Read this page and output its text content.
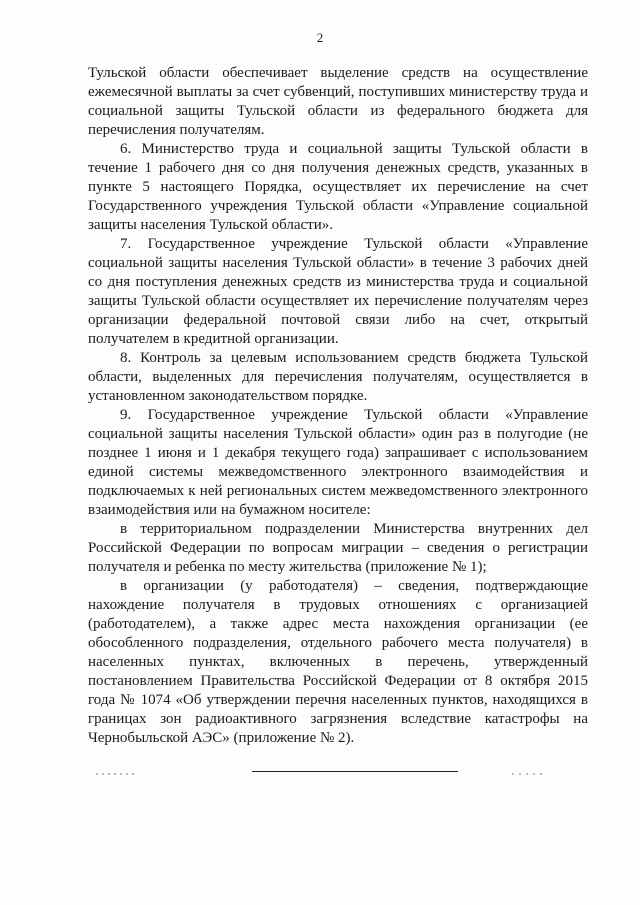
2

Тульской области обеспечивает выделение средств на осуществление ежемесячной выплаты за счет субвенций, поступивших министерству труда и социальной защиты Тульской области из федерального бюджета для перечисления получателям.

6. Министерство труда и социальной защиты Тульской области в течение 1 рабочего дня со дня получения денежных средств, указанных в пункте 5 настоящего Порядка, осуществляет их перечисление на счет Государственного учреждения Тульской области «Управление социальной защиты населения Тульской области».

7. Государственное учреждение Тульской области «Управление социальной защиты населения Тульской области» в течение 3 рабочих дней со дня поступления денежных средств из министерства труда и социальной защиты Тульской области осуществляет их перечисление получателям через организации федеральной почтовой связи либо на счет, открытый получателем в кредитной организации.

8. Контроль за целевым использованием средств бюджета Тульской области, выделенных для перечисления получателям, осуществляется в установленном законодательством порядке.

9. Государственное учреждение Тульской области «Управление социальной защиты населения Тульской области» один раз в полугодие (не позднее 1 июня и 1 декабря текущего года) запрашивает с использованием единой системы межведомственного электронного взаимодействия и подключаемых к ней региональных систем межведомственного электронного взаимодействия или на бумажном носителе:

в территориальном подразделении Министерства внутренних дел Российской Федерации по вопросам миграции – сведения о регистрации получателя и ребенка по месту жительства (приложение № 1);

в организации (у работодателя) – сведения, подтверждающие нахождение получателя в трудовых отношениях с организацией (работодателем), а также адрес места нахождения организации (ее обособленного подразделения, отдельного рабочего места получателя) в населенных пунктах, включенных в перечень, утвержденный постановлением Правительства Российской Федерации от 8 октября 2015 года № 1074 «Об утверждении перечня населенных пунктов, находящихся в границах зон радиоактивного загрязнения вследствие катастрофы на Чернобыльской АЭС» (приложение № 2).
